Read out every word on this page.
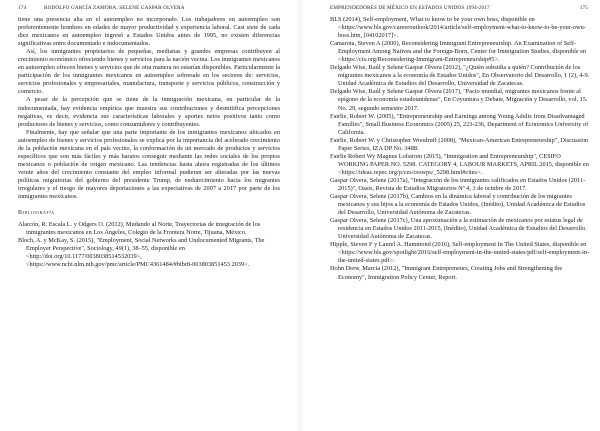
174	RODOLFO GARCÍA ZAMORA, SELENE GASPAR OLVERA

tiene una presencia alta en el autoempleo no incorporado. Los trabajadores en autoempleo son preferentemente hombres en edades de mayor productividad y experiencia laboral. Casi siete de cada diez mexicanos en autoempleo ingresó a Estados Unidos antes de 1995, no existen diferencias significativas entre documentado e indocumentados.

Así, los inmigrantes propietarios de pequeñas, medianas y grandes empresas contribuyen al crecimiento económico ofreciendo bienes y servicios para la nación vecina. Los inmigrantes mexicanos en autoempleo ofrecen bienes y servicios que de otra manera no estarían disponibles. Particularmente la participación de los inmigrantes mexicanos en autoempleo sobresale en los sectores de: servicios, servicios profesionales y empresariales, manufactura, transporte y servicios públicos, construcción y comercio.

A pesar de la percepción que se tiene de la inmigración mexicana, en particular de la indocumentada, hay evidencia empírica que muestra sus contribuciones y desmitifica percepciones negativas, es decir, evidencia sus características laborales y aportes netos positivos tanto como productores de bienes y servicios, como consumidores y contribuyentes.

Finalmente, hay que señalar que una parte importante de los inmigrantes mexicanos ubicados en autoempleo de bienes y servicios profesionales se explica por la importancia del acelerado crecimiento de la población mexicana en el país vecino, la conformación de un mercado de productos y servicios específicos que son más fáciles y más baratos conseguir mediante las redes sociales de los propios mexicanos o población de origen mexicano. Las tendencias hasta ahora registradas de los últimos veinte años del crecimiento constante del empleo informal pudieran ser alteradas por las nuevas políticas migratorias del gobierno del presidente Trump, de endurecimiento hacia los migrantes irregulares y el riesgo de mayores deportaciones a las expectativas de 2007 a 2017 por parte de los inmigrantes mexicanos.

Bibliografía

Alarcón, R. Escala L. y Odgers O. (2012), Mudando al Norte, Trayectorias de integración de los inmigrantes mexicanos en Los Ángeles, Colegio de la Frontera Norte, Tijuana, México.

Bloch, A. y McKay, S. (2015), "Employment, Social Networks and Undocumented Migrants, The Employer Perspective", Sociology, 49(1), 38–55, disponible en <http://doi.org/10.1177/0038038514532039>, <https://www.ncbi.nlm.nih.gov/pmc/article/PMC4361484/#bibr8-003803851453 2039>.

EMPRENDEDORES DE MÉXICO EN ESTADOS UNIDOS 1994-2017	175

BLS (2014), Self-employment, What to know to be your own boss, disponible en <https://www.bls.gov/careeroutlook/2014/article/self-employment-what-to-know-to-be-your-own-boss.htm, [04102017]>.

Camarota, Steven A (2000), Reconsidering Immigrant Entrepreneurship. An Examination of Self-Employment Among Natives and the Foreign-Born, Center for Immigration Studies, disponible en <https://cis.org/Reconsidering-Immigrant-Entrepreneurship#5>.

Delgado Wise, Raúl y Selene Gaspar Olvera (2012), "¿Quién subsidia a quién? Contribución de los migrantes mexicanos a la economía de Estados Unidos", En Observatorio del Desarrollo, 1 (2), 4-9. Unidad Académica de Estudios del Desarrollo, Universidad de Zacatecas.

Delgado Wise, Raúl y Selene Gaspar Olvera (2017), "Pacto mundial, migrantes mexicanos frente al epígono de la economía estadounidense", En Coyuntura y Debate, Migración y Desarrollo, vol. 15. No. 29, segundo semestre 2017.

Fairlie, Robert W. (2005), "Entrepreneurship and Earnings among Young Adults from Disadvantaged Families", Small Business Economics (2005) 25, 223-236, Department of Economics University of California.

Fairlie, Robert W. y Christopher Woodruff (2008), "Mexican-American Entrepreneurship", Discussion Paper Series, IZA DP No. 3488.

Fairlie Robert Wy Magnus Lofstrom (2015), "Immigration and Entrepreneurship", CESIFO WORKING PAPER NO. 5298. CATEGORY 4, LABOUR MARKETS, APRIL 2015, disponible en <https://ideas.repec.org/p/ces/ceswps/_5298.html#cites>.

Gaspar Olvera, Selene (2017a), "Integración de los inmigrantes calificados en Estados Unidos (2011-2015)", Oasis, Revista de Estudios Migratorios Nº 4, 3 de octubre de 2017.

Gaspar Olvera, Selene (2017b), Cambios en la dinámica laboral y contribución de los migrantes mexicanos y sus hijos a la economía de Estados Unidos, (Inédito), Unidad Académica de Estudios del Desarrollo, Universidad Autónoma de Zacatecas.

Gaspar Olvera, Selene (2017c), Una aproximación a la estimación de mexicanos por estatus legal de residencia en Estados Unidos 2011-2015, (Inédito), Unidad Académica de Estudios del Desarrollo. Universidad Autónoma de Zacatecas.

Hipple, Steven F y Laurel A. Hammond (2016), Self-employment In The United States, disponible en <https://www.bls.gov/spotlight/2016/self-employment-in-the-united-states/pdf/self-employment-in-the-united-states.pdf>.

Hohn Drew, Marcia (2012), "Immigrant Entrepreneurs, Creating Jobs and Strengthening the Economy", Immigration Policy Center, Report.
